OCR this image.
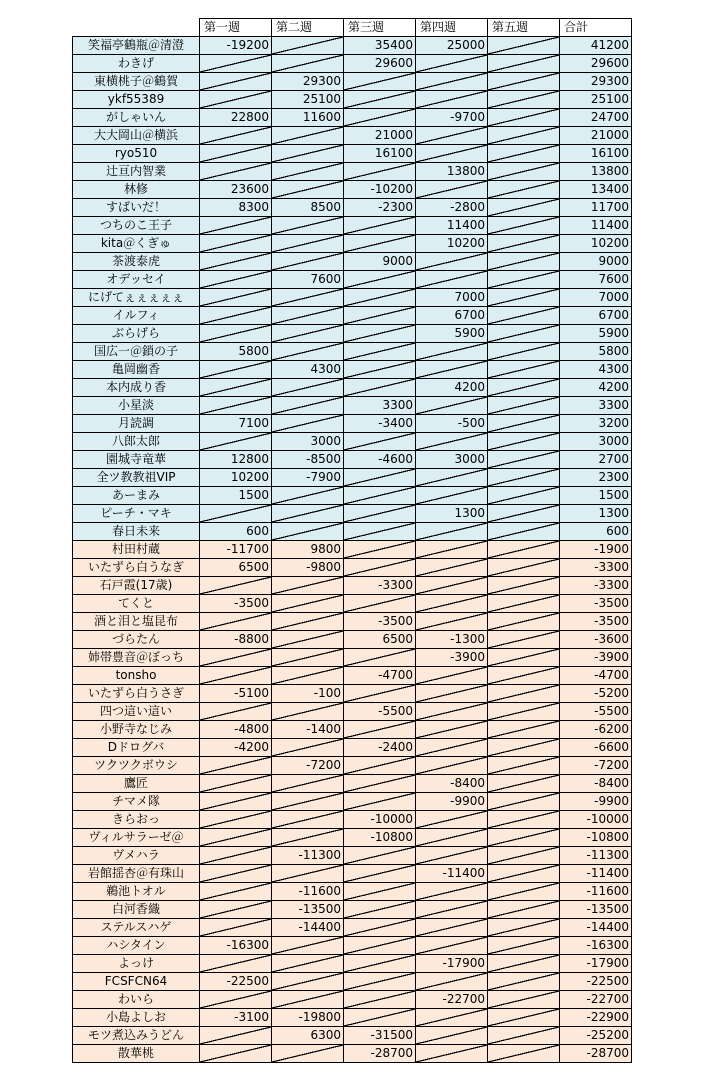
	第一週	第二週	第三週	第四週	第五週	合計
笑福亭鶴瓶＠清澄	-19200		35400	25000		41200
わきげ			29600			29600
東横桃子＠鶴賀		29300				29300
ykf55389		25100				25100
がしゃいん	22800	11600		-9700		24700
大大岡山＠横浜			21000			21000
ryo510			16100			16100
辻亘内智業				13800		13800
林修	23600		-10200			13400
すばいだ！	8300	8500	-2300	-2800		11700
つちのこ王子				11400		11400
kita＠くぎゅ				10200		10200
茶渡泰虎			9000			9000
オデッセイ		7600				7600
にげてぇぇぇぇぇ				7000		7000
イルフィ				6700		6700
ぶらげら				5900		5900
国広一＠鎖の子	5800					5800
亀岡幽香		4300				4300
本内成り香				4200		4200
小星淡			3300			3300
月読調	7100		-3400	-500		3200
八郎太郎		3000				3000
園城寺竜華	12800	-8500	-4600	3000		2700
全ツ教教祖VIP	10200	-7900				2300
あーまみ	1500					1500
ピーチ・マキ				1300		1300
春日未来	600					600
村田村蔵	-11700	9800				-1900
いたずら白うなぎ	6500	-9800				-3300
石戸霞(17歳)			-3300			-3300
てくと	-3500					-3500
酒と泪と塩昆布			-3500			-3500
づらたん	-8800		6500	-1300		-3600
姉帯豊音＠ぼっち				-3900		-3900
tonsho			-4700			-4700
いたずら白うさぎ	-5100	-100				-5200
四つ這い這い			-5500			-5500
小野寺なじみ	-4800	-1400				-6200
Dドログバ	-4200		-2400			-6600
ツクツクボウシ		-7200				-7200
鷹匠				-8400		-8400
チマメ隊				-9900		-9900
きらおっ			-10000			-10000
ヴィルサラーゼ＠			-10800			-10800
ヴメハラ		-11300				-11300
岩館揺杏＠有珠山				-11400		-11400
鵜池トオル		-11600				-11600
白河香織		-13500				-13500
ステルスハゲ		-14400				-14400
ハシタイン	-16300					-16300
よっけ				-17900		-17900
FCSFCN64	-22500					-22500
わいら				-22700		-22700
小島よしお	-3100	-19800				-22900
モツ煮込みうどん		6300	-31500			-25200
散華桃			-28700			-28700
